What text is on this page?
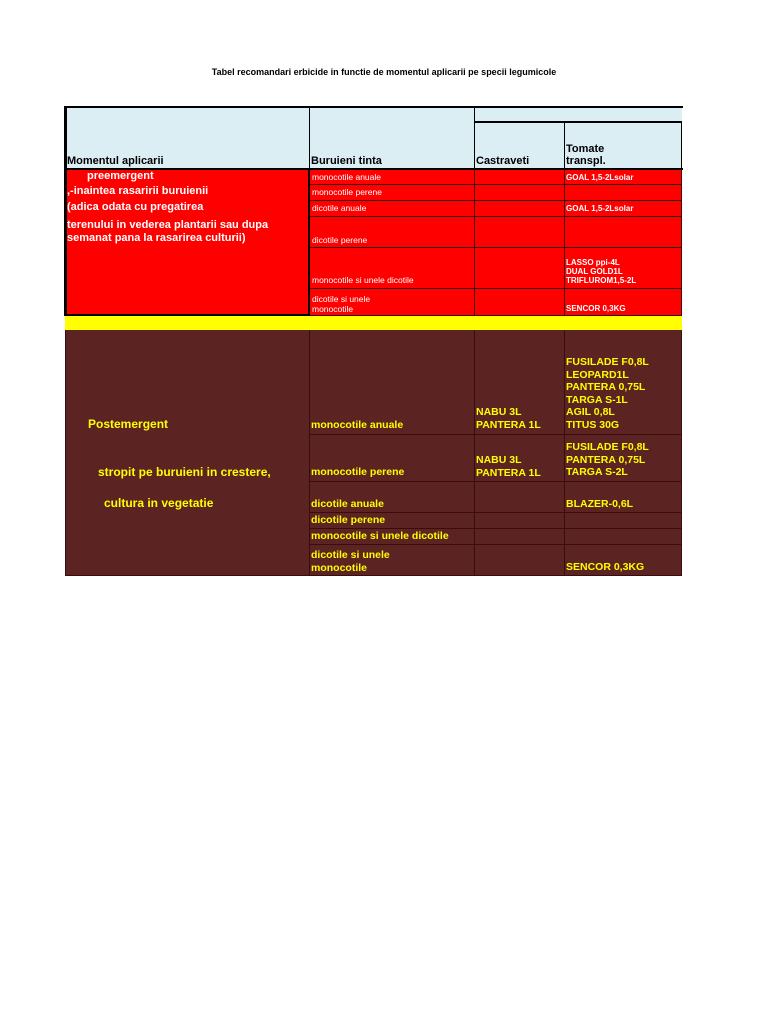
Tabel recomandari erbicide in functie de momentul aplicarii pe specii legumicole
Momentul aplicarii	Buruieni tinta	Castraveti
Tomate
transpl.
preemergent
,-inaintea rasaririi buruienii
(adica odata cu pregatirea
terenului in vederea plantarii sau dupa
semanat pana la rasarirea culturii)
monocotile anuale
monocotile perene
dicotile anuale
dicotile perene
monocotile si unele dicotile
dicotile si unele
monocotile
GOAL 1,5-2Lsolar
GOAL 1,5-2Lsolar
LASSO ppi-4L
DUAL GOLD1L
TRIFLUROM1,5-2L
SENCOR 0,3KG
Postemergent
stropit pe buruieni in crestere,
cultura in vegetatie
monocotile anuale
monocotile perene
dicotile anuale
dicotile perene
monocotile si unele dicotile
dicotile si unele
monocotile
NABU 3L
PANTERA 1L
NABU 3L
PANTERA 1L
FUSILADE F0,8L
LEOPARD1L
PANTERA 0,75L
TARGA S-1L
AGIL 0,8L
TITUS 30G
FUSILADE F0,8L
PANTERA 0,75L
TARGA S-2L
BLAZER-0,6L
SENCOR 0,3KG
